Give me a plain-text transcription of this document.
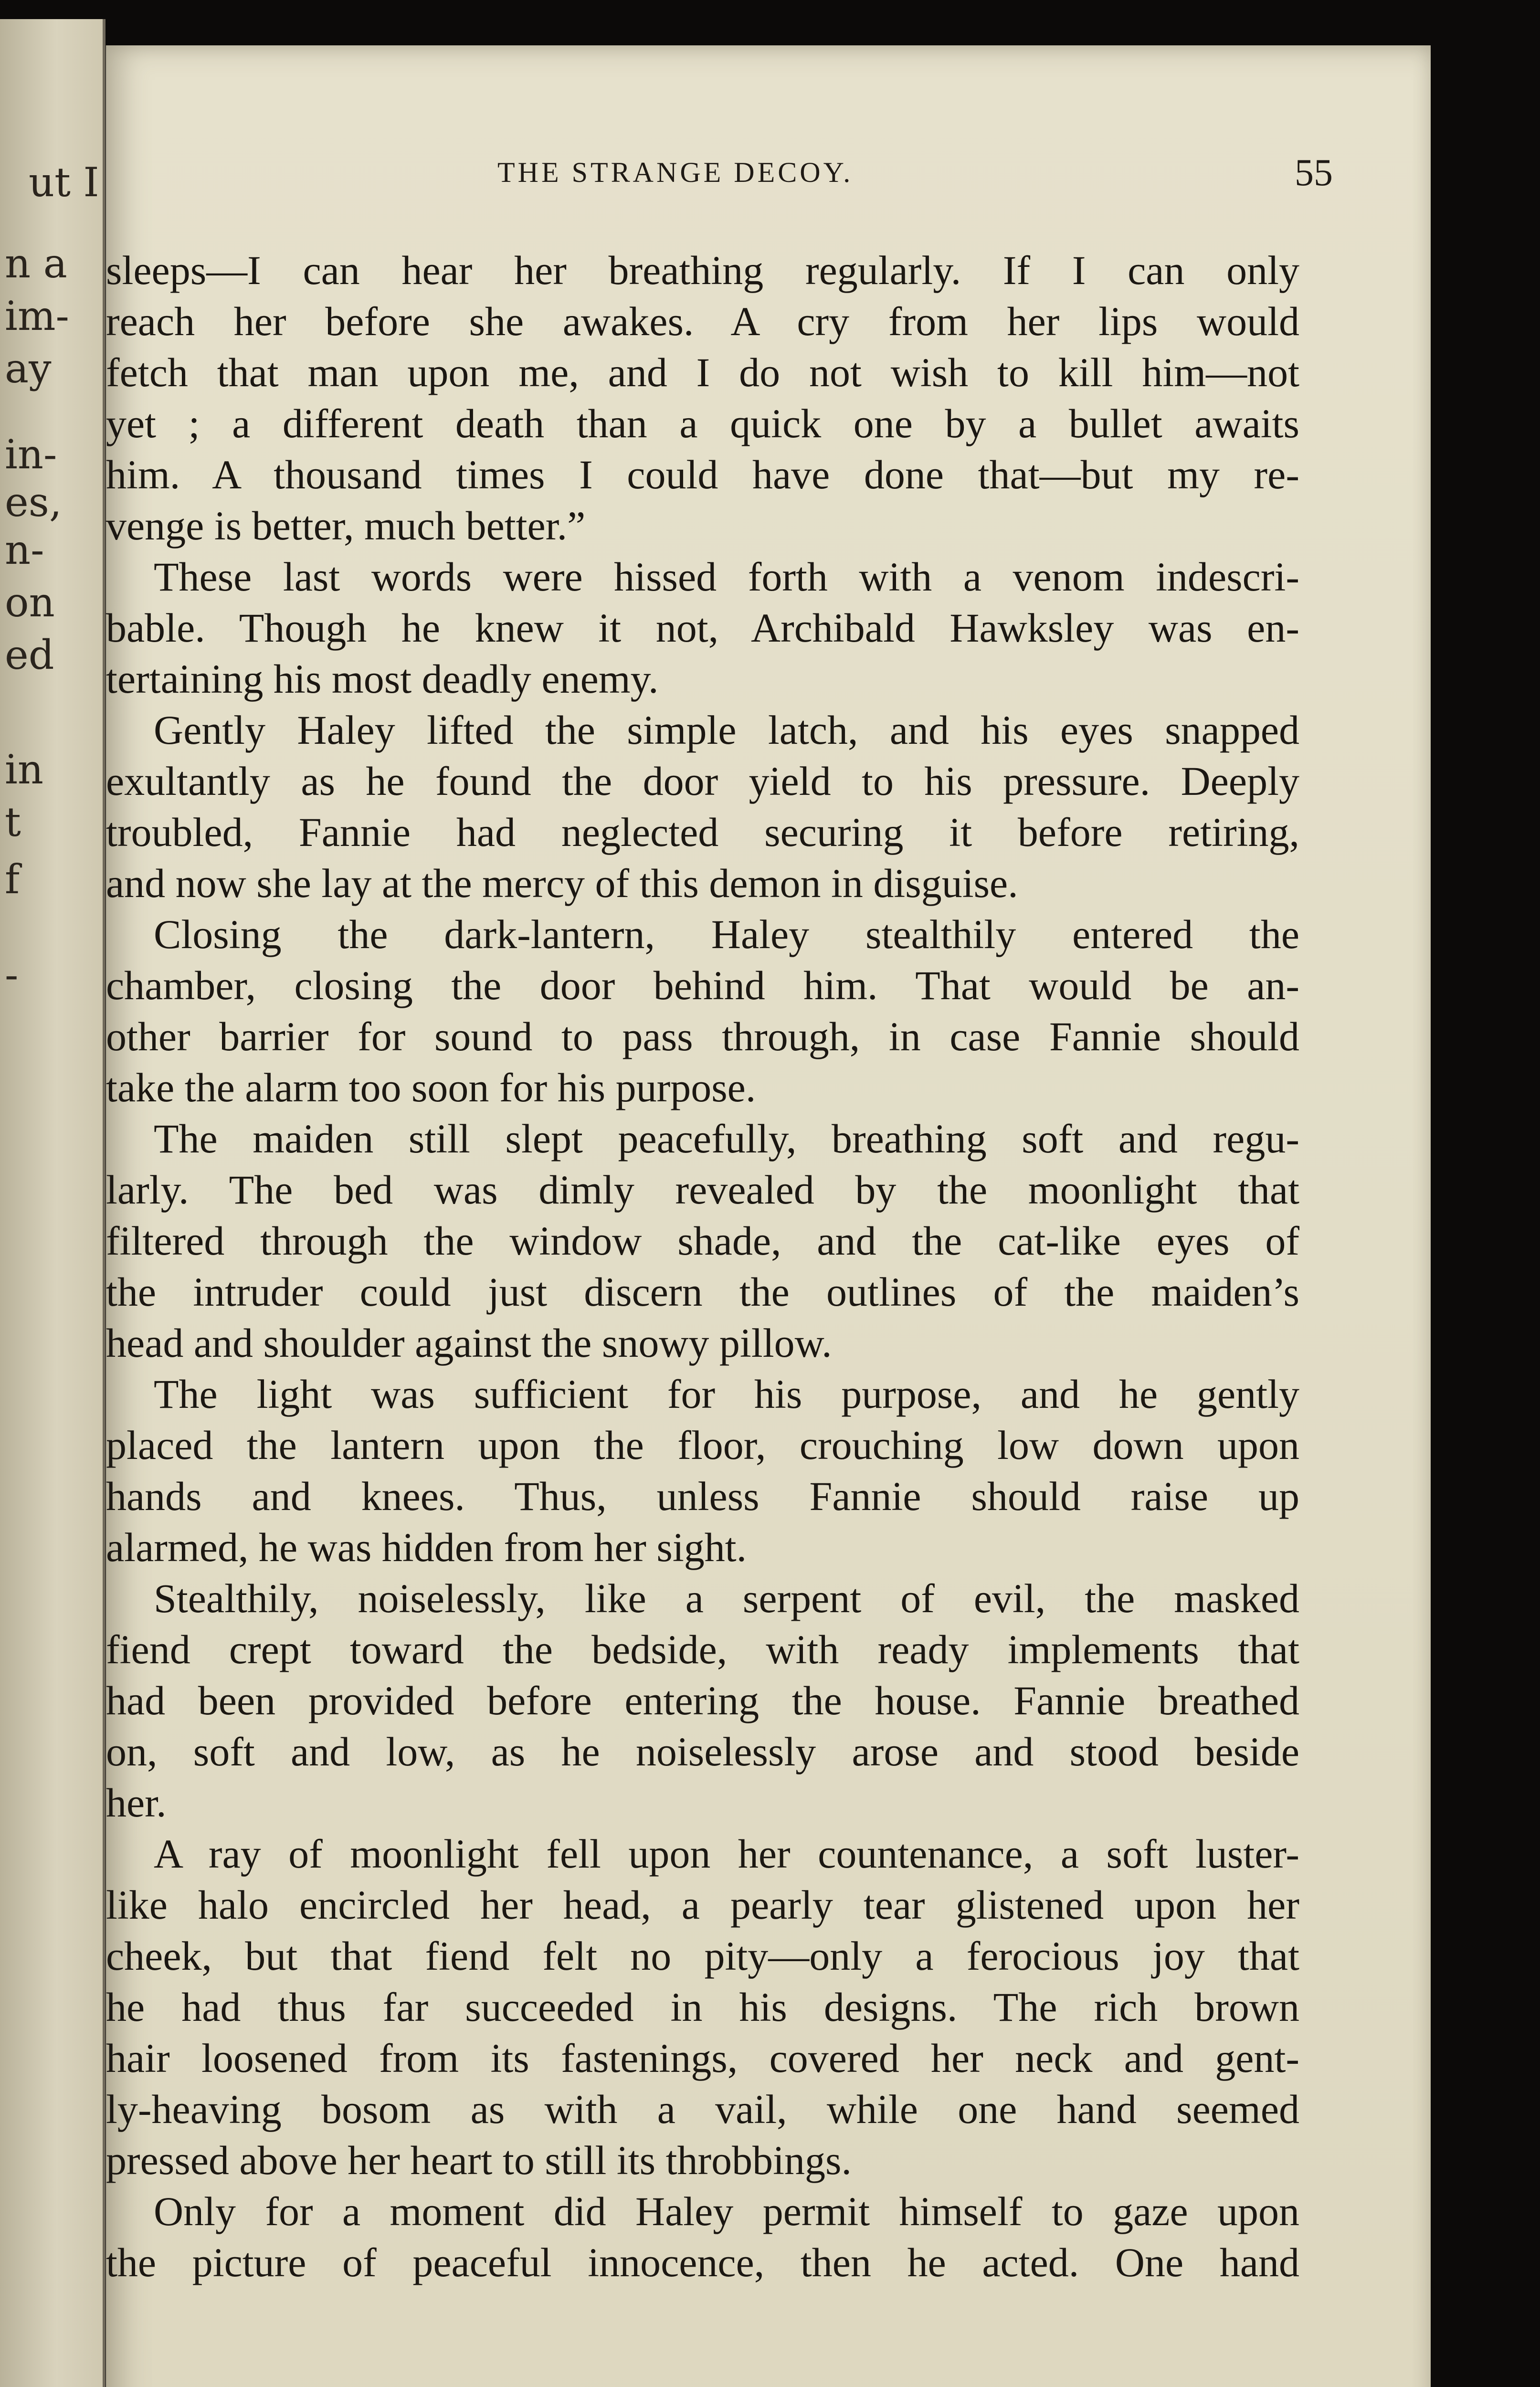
ut I
n a
im-
ay
in-
es,
n-
on
ed
in
t
f
-
THE STRANGE DECOY.	55
sleeps—I can hear her breathing regularly. If I can only
reach her before she awakes. A cry from her lips would
fetch that man upon me, and I do not wish to kill him—not
yet ; a different death than a quick one by a bullet awaits
him. A thousand times I could have done that—but my re-
venge is better, much better.”
These last words were hissed forth with a venom indescri-
bable. Though he knew it not, Archibald Hawksley was en-
tertaining his most deadly enemy.
Gently Haley lifted the simple latch, and his eyes snapped
exultantly as he found the door yield to his pressure. Deeply
troubled, Fannie had neglected securing it before retiring,
and now she lay at the mercy of this demon in disguise.
Closing the dark-lantern, Haley stealthily entered the
chamber, closing the door behind him. That would be an-
other barrier for sound to pass through, in case Fannie should
take the alarm too soon for his purpose.
The maiden still slept peacefully, breathing soft and regu-
larly. The bed was dimly revealed by the moonlight that
filtered through the window shade, and the cat-like eyes of
the intruder could just discern the outlines of the maiden’s
head and shoulder against the snowy pillow.
The light was sufficient for his purpose, and he gently
placed the lantern upon the floor, crouching low down upon
hands and knees. Thus, unless Fannie should raise up
alarmed, he was hidden from her sight.
Stealthily, noiselessly, like a serpent of evil, the masked
fiend crept toward the bedside, with ready implements that
had been provided before entering the house. Fannie breathed
on, soft and low, as he noiselessly arose and stood beside
her.
A ray of moonlight fell upon her countenance, a soft luster-
like halo encircled her head, a pearly tear glistened upon her
cheek, but that fiend felt no pity—only a ferocious joy that
he had thus far succeeded in his designs. The rich brown
hair loosened from its fastenings, covered her neck and gent-
ly-heaving bosom as with a vail, while one hand seemed
pressed above her heart to still its throbbings.
Only for a moment did Haley permit himself to gaze upon
the picture of peaceful innocence, then he acted. One hand
